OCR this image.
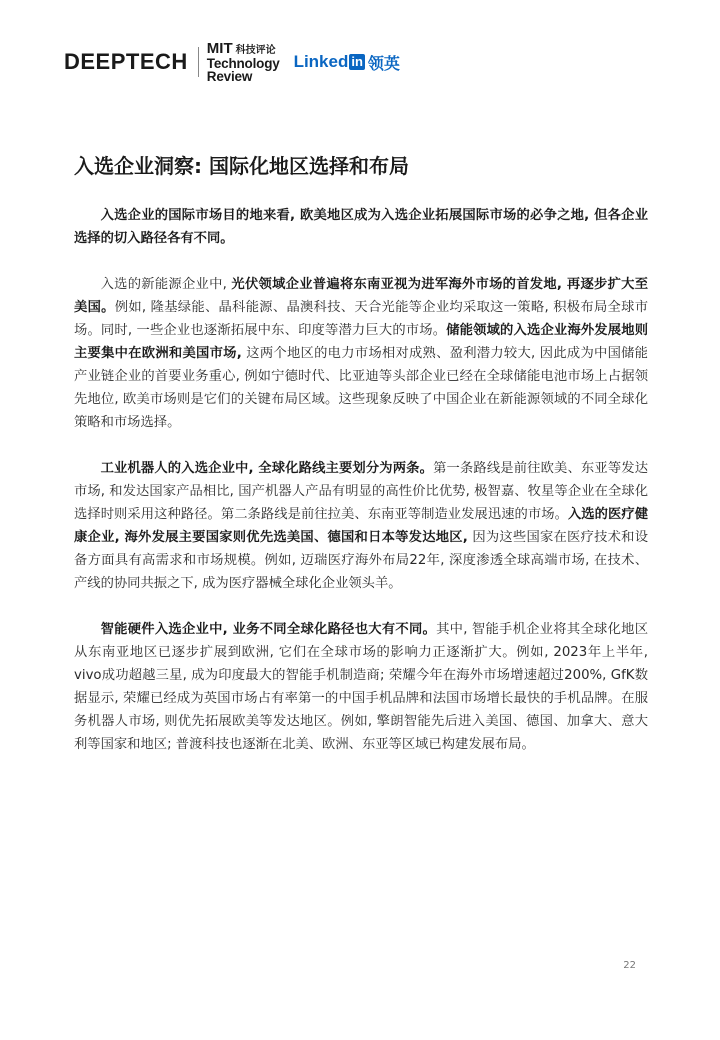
DEEPTECH
MIT 科技评论
Technology
Review
Linked in 领英
入选企业洞察: 国际化地区选择和布局

入选企业的国际市场目的地来看, 欧美地区成为入选企业拓展国际市场的必争之地, 但各企业选择的切入路径各有不同。

入选的新能源企业中, 光伏领域企业普遍将东南亚视为进军海外市场的首发地, 再逐步扩大至美国。例如, 隆基绿能、晶科能源、晶澳科技、天合光能等企业均采取这一策略, 积极布局全球市场。同时, 一些企业也逐渐拓展中东、印度等潜力巨大的市场。储能领域的入选企业海外发展地则主要集中在欧洲和美国市场, 这两个地区的电力市场相对成熟、盈利潜力较大, 因此成为中国储能产业链企业的首要业务重心, 例如宁德时代、比亚迪等头部企业已经在全球储能电池市场上占据领先地位, 欧美市场则是它们的关键布局区域。这些现象反映了中国企业在新能源领域的不同全球化策略和市场选择。

工业机器人的入选企业中, 全球化路线主要划分为两条。第一条路线是前往欧美、东亚等发达市场, 和发达国家产品相比, 国产机器人产品有明显的高性价比优势, 极智嘉、牧星等企业在全球化选择时则采用这种路径。第二条路线是前往拉美、东南亚等制造业发展迅速的市场。入选的医疗健康企业, 海外发展主要国家则优先选美国、德国和日本等发达地区, 因为这些国家在医疗技术和设备方面具有高需求和市场规模。例如, 迈瑞医疗海外布局22年, 深度渗透全球高端市场, 在技术、产线的协同共振之下, 成为医疗器械全球化企业领头羊。

智能硬件入选企业中, 业务不同全球化路径也大有不同。其中, 智能手机企业将其全球化地区从东南亚地区已逐步扩展到欧洲, 它们在全球市场的影响力正逐渐扩大。例如, 2023年上半年, vivo成功超越三星, 成为印度最大的智能手机制造商; 荣耀今年在海外市场增速超过200%, GfK数据显示, 荣耀已经成为英国市场占有率第一的中国手机品牌和法国市场增长最快的手机品牌。在服务机器人市场, 则优先拓展欧美等发达地区。例如, 擎朗智能先后进入美国、德国、加拿大、意大利等国家和地区; 普渡科技也逐渐在北美、欧洲、东亚等区域已构建发展布局。

22
